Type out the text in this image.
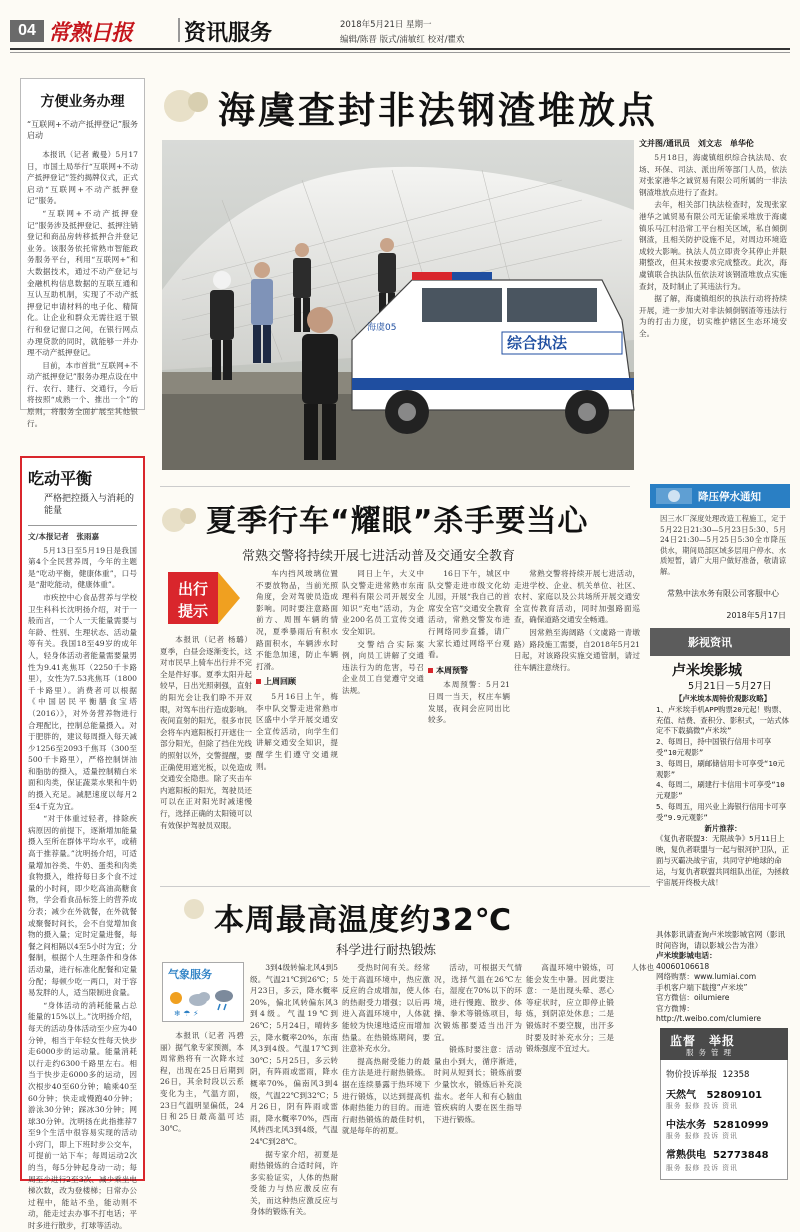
04 常熟日报 资讯服务	2018年5月21日 星期一
编辑/陈晋 版式/浦敏红 校对/瞿欢
方便业务办理
“互联网+不动产抵押登记”服务启动

本报讯（记者 戴曼）5月17日，市国土局举行“互联网+不动产抵押登记”签约揭牌仪式，正式启动“互联网+不动产抵押登记”服务。

“互联网+不动产抵押登记”服务涉及抵押登记、抵押注销登记和商品房转移抵押合并登记业务。该服务依托常熟市智能政务服务平台，利用“互联网+”和大数据技术，通过不动产登记与金融机构信息数据的互联互通和互认互助机制，实现了不动产抵押登记申请材料的电子化、精简化。让企业和群众无需往返于银行和登记窗口之间，在银行网点办理贷款的同时，就能够一并办理不动产抵押登记。

目前，本市首批“互联网+不动产抵押登记”服务办理点设在中行、农行、建行、交通行，今后将按照“成熟一个、推出一个”的原则，将服务全面扩展至其他银行。

吃动平衡
严格把控摄入与消耗的能量
文/本报记者　张雨嘉

5月13日至5月19日是我国第4个全民营养周，今年的主题是“吃动平衡，健康体重”，口号是“甜吃能动，健康体重”。

市疾控中心食品营养与学校卫生科科长沈明扬介绍，对于一般而言，一个人一天能量需要与年龄、性别、生理状态、活动量等有关。我国18至49岁的成年人，轻身体活动者能量需要量男性为9.41兆焦耳（2250千卡路里），女性为7.53兆焦耳（1800千卡路里）。消费者可以根据《中国居民平衡膳食宝塔（2016）》，对外务营养物进行合理配比，控制总能量摄入。对于肥胖的，建议每周摄入每天减少1256至2093千焦耳（300至500千卡路里），严格控制饼油和脂肪的摄入，适量控制精白米面和肉类，保证蔬菜水果和牛奶的摄入充足。减肥速度以每月2至4千克为宜。

“对于体重过轻者，排除疾病原因的前提下，逐渐增加能量摄入至所在群体平均水平，或稍高于推荐量。”沈明扬介绍，可适量增加谷类、牛奶、蛋类和肉类食物摄入，维持每日多个食不过量的小时间，即少吃高油高糖食物，学会看食品标签上的营养成分表；减少在外就餐，在外就餐或聚餐时间长，会不自觉增加食物的摄入量；定时定量进餐，每餐之间相隔以4至5小时为宜；分餐制，根据个人生理条件和身体活动量，进行标准化配餐和定量分配；每顿少吃一两口，对于容易发胖的人，适当限制进食量。

“身体活动的消耗能量占总能量的15%以上。”沈明扬介绍，每天的活动身体活动至少应为40分钟，相当于年轻女性每天快步走6000步的运动量。能量消耗以行走约6300千路里左右。相当于快步走6000多的运动，因次根步40至60分钟；喻乘40至60分钟；快走或慢跑40分钟；游泳30分钟；踩冰30分钟；网球30分钟。沈明扬在此指推荐7至9个生活中很容易实现的活动小窍门，即上下班时步公交车，可提前一站下车；每周运动2次的当，每5分钟起身动一动；每周至少进行2至3次、减少乘坐电梯次数，改为登楼梯；日常办公过程中，能站不坐，能动则不动，能走过去办事不打电话；平时多进行散步，打球等活动。

海虞查封非法钢渣堆放点
综合执法
海虞05
文并图/通讯员　刘文志　单华伦

5月18日，海虞镇组织综合执法局、农场、环保、司法、派出所等部门人员，依法对张家港华之诚贸易有限公司所属的一非法钢渣堆放点进行了查封。

去年，相关部门执法检查时，发现张家港华之诚贸易有限公司无证偷采堆放于海虞镇乐马江村沿常工平台相关区域，私自倾倒钢渣，且相关防护设施不足，对周边环境造成较大影响。执法人员立即责令其停止并限期整改，但其未按要求完成整改。此次，海虞镇联合执法队伍依法对该钢渣堆放点实施查封，及时制止了其违法行为。

据了解，海虞镇组织的执法行动将持续开展，进一步加大对非法倾倒钢渣等违法行为的打击力度，切实维护辖区生态环境安全。

夏季行车“耀眼”杀手要当心
常熟交警将持续开展七进活动普及交通安全教育
出行
提示

本报讯（记者 杨璐）夏季，白昼会逐渐变长，这对市民早上骑车出行并不完全是件好事。夏季太阳升起较早，日出光照刺强，直射的阳光会让我们睁不开双眼，对驾车出行造成影响。夜间直射的阳光，很多市民会将车内遮阳板打开遮住一部分阳光，但除了挡住光线的照射以外，交警提醒，要正确使用遮光板，以免造成交通安全隐患。除了夹击车内遮阳板的阳光，驾驶员还可以在正对阳光时减速慢行，选择正确的太阳镜可以有效保护驾驶员双眼。

车内挡风玻璃位置不要放物品，当前光照角度，会对驾驶员造成影响。同时要注意路面前方、周围车辆的情况，夏季暴雨后有积水路面积水，车辆涉水时不能急加速，防止车辆打滑。

上周回顾

5月16日上午，梅李中队交警走进常熟市区盛中小学开展交通安全宣传活动，向学生们讲解交通安全知识，提醒学生们遵守交通规则。

同日上午，大义中队交警走进常熟市东南理科有限公司开展安全知识“充电”活动，为企业200名员工宣传交通安全知识。

交警结合实际案例，向员工讲解了交通违法行为的危害，号召企业员工自觉遵守交通法规。

16日下午，城区中队交警走进市级文化幼儿园，开展“我自己的首席安全官”交通安全教育活动，常熟交警发布进行网络同步直播，请广大家长通过网络平台观看。

本周预警

本周预警：5月21日周一当天，权庄车辆发展，夜间会应同出比较多。

常熟交警将持续开展七进活动，走进学校、企业、机关单位、社区、农村、家庭以及公共场所开展交通安全宣传教育活动，同时加强路面巡查，确保道路交通安全畅通。

因常熟至海阔路（文虞路一青墩路）路段施工需要，自2018年5月21日起，对该路段实施交通管制，请过往车辆注意绕行。

降压停水通知
因三水厂深度处理改造工程施工，定于5月22日21:30—5月23日5:30、5月24日21:30—5月25日5:30全市降压供水，期间局部区域多层用户停水、水质短暂，请广大用户做好准备，敬请谅解。
常熟中法水务有限公司客服中心
2018年5月17日
影视资讯
卢米埃影城
5月21日－5月27日
【卢米埃本周特价观影攻略】
1、卢米埃手机APP购票20元起！购票、充值、结费、查积分、影积式，一站式体定不下载搞微“卢米埃”
2、每周日，持中国银行信用卡可享受“10元观影”
3、每周日，刷邮储信用卡可享受“10元观影”
4、每周二，刷建行卡信用卡可享受“10元观影”
5、每周五，用兴业上海银行信用卡可享受“9.9元观影”
新片推荐：
《复仇者联盟3：无限战争》5月11日上映，复仇者联盟与一起与银河护卫队，正面与灭霸决战宇宙，共同守护地球的命运，与复仇者联盟共同组队出征，为拯救宇宙展开终极大战！
具体影讯请查询卢米埃影城官网（影讯时间咨询，请以影城公告为准）
卢米埃影城电话：
40060106618
网络购票：www.lumiai.com
手机客户端下载搜“卢米埃”
官方微信：oilumiere
官方微博：
http://t.weibo.com/clumiere
监督　举报
服务管理
物价投诉举报 12358
天然气 52809101
服务 报修 投诉 资讯
中法水务 52810999
服务 报修 投诉 资讯
常熟供电 52773848
服务 报修 投诉 资讯
本周最高温度约32℃
科学进行耐热锻炼
气象服务
❄ ☂ ⚡

本报讯（记者 冯碧丽）据气象专家预测，本周常熟将有一次降水过程，出现在25日后期到26日，其余时段以云系变化为主，气温方面，23日气温明显偏低，24日和25日最高温可达30℃。

3到4级转偏北风4到5级。气温21℃到26℃；5月23日，多云，降水概率20%，偏北风转偏东风3到4级。气温19℃到26℃；5月24日，晴转多云，降水概率20%，东南风3到4级。气温17℃到30℃；5月25日，多云转阴，有阵雨或雷雨，降水概率70%，偏南风3到4级，气温22℃到32℃；5月26日，阴有阵雨或雷雨，降水概率70%，西南风转西北风3到4级，气温24℃到28℃。

据专家介绍，初夏是耐热锻炼的合适时间，许多实验证实，人体的热耐受能力与热应激反应有关，而这种热应激反应与身体的锻炼有关。

受热时间有关。经常处于高温环境中，热应激反应的合成增加，使人体的热耐受力增强；以后再进入高温环境中，人体就能较为快速地适应而增加热量。在热锻炼期间，要注意补充水分。

提高热耐受能力的最佳方法是进行耐热锻炼。据在连续暴露于热环境下进行锻炼，以达到提高机体耐热能力的目的。而进行耐热锻炼的最佳时机，就是每年的初夏。

活动，可根据天气情况，选择气温在26℃左右，湿度在70%以下的环境，进行慢跑、散步、体操、拳术等锻炼项目，每次锻炼都要适当出汗为宜。

锻炼时要注意：活动量由小到大，循序渐进，时间从短到长；锻炼前要少量饮水，锻炼后补充淡盐水。老年人和有心脑血管疾病的人要在医生指导下进行锻炼。

高温环境中锻炼，可能会发生中暑。因此要注意：一是出现头晕、恶心等症状时，应立即停止锻炼，到阴凉处休息；二是锻炼时不要空腹，出汗多时要及时补充水分；三是锻炼强度不宜过大。

人体也
